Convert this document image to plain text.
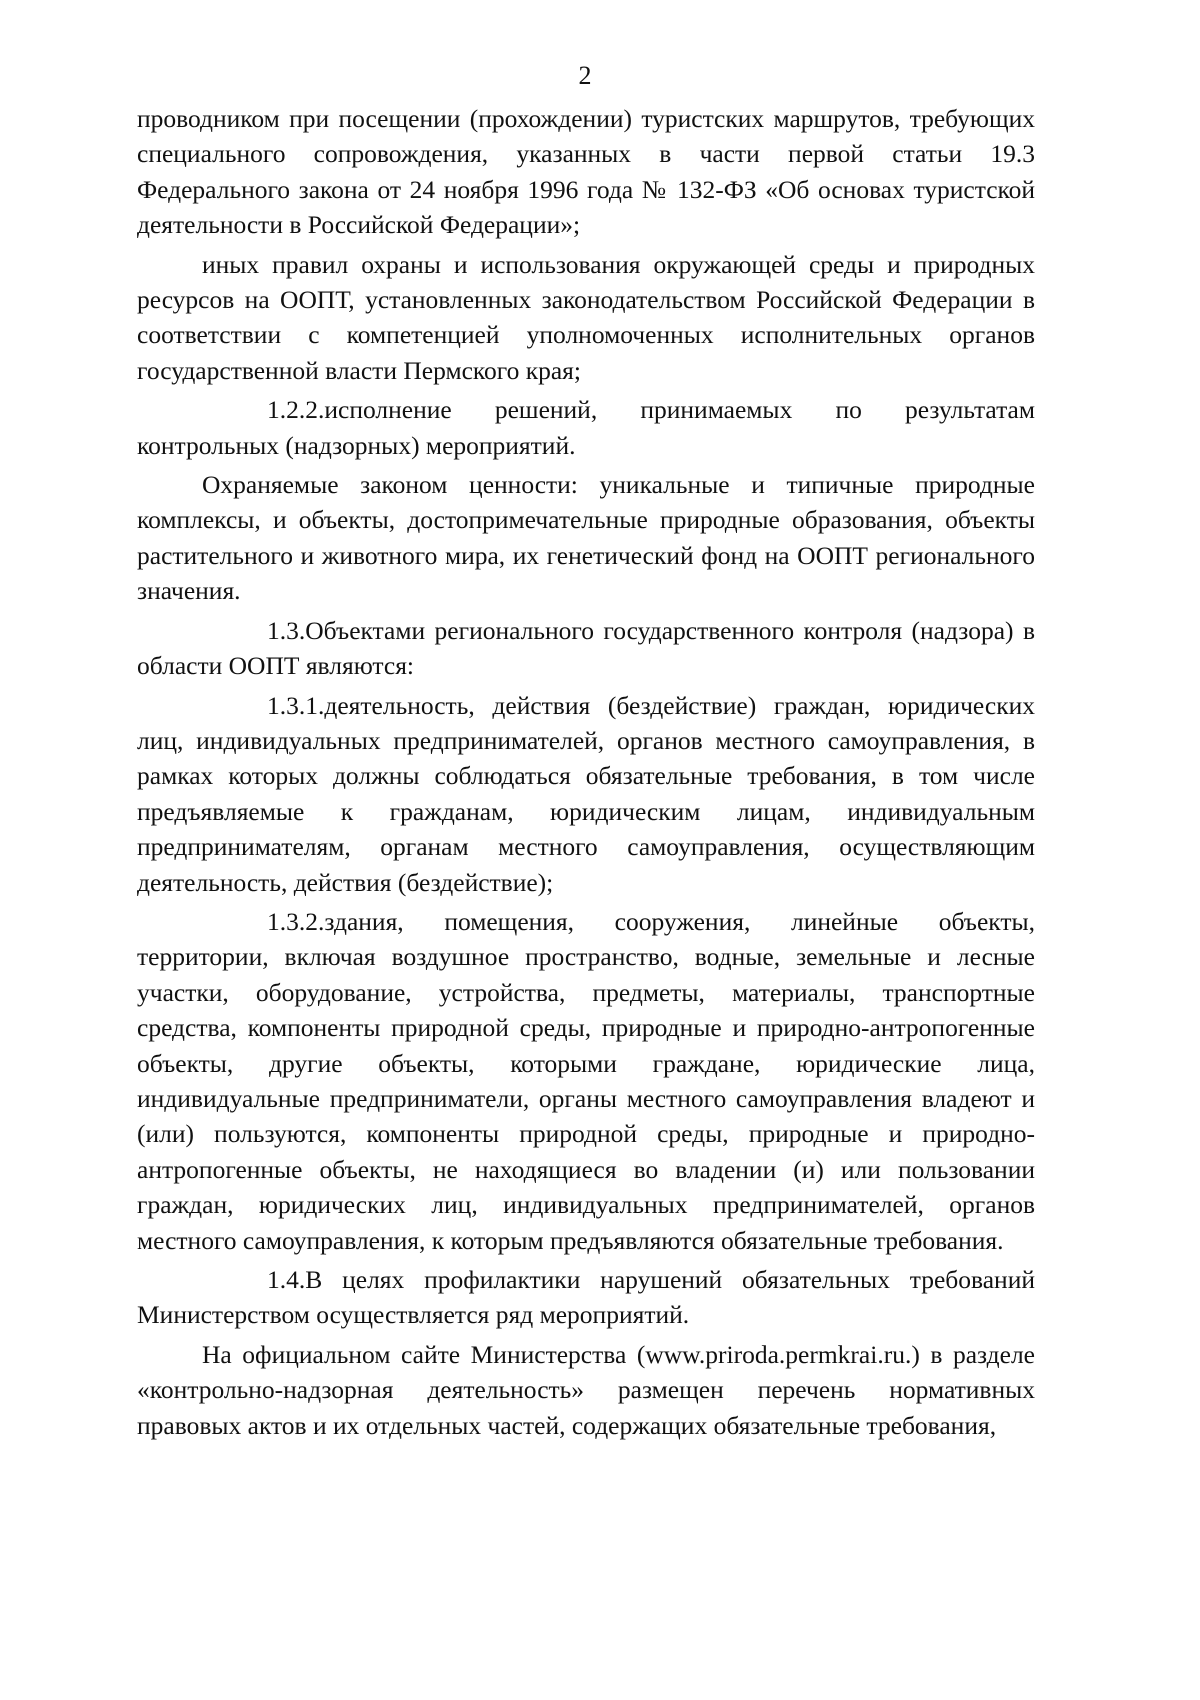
2

проводником при посещении (прохождении) туристских маршрутов, требующих специального сопровождения, указанных в части первой статьи 19.3 Федерального закона от 24 ноября 1996 года № 132-ФЗ «Об основах туристской деятельности в Российской Федерации»;

иных правил охраны и использования окружающей среды и природных ресурсов на ООПТ, установленных законодательством Российской Федерации в соответствии с компетенцией уполномоченных исполнительных органов государственной власти Пермского края;

1.2.2.исполнение решений, принимаемых по результатам контрольных (надзорных) мероприятий.

Охраняемые законом ценности: уникальные и типичные природные комплексы, и объекты, достопримечательные природные образования, объекты растительного и животного мира, их генетический фонд на ООПТ регионального значения.

1.3.Объектами регионального государственного контроля (надзора) в области ООПТ являются:

1.3.1.деятельность, действия (бездействие) граждан, юридических лиц, индивидуальных предпринимателей, органов местного самоуправления, в рамках которых должны соблюдаться обязательные требования, в том числе предъявляемые к гражданам, юридическим лицам, индивидуальным предпринимателям, органам местного самоуправления, осуществляющим деятельность, действия (бездействие);

1.3.2.здания, помещения, сооружения, линейные объекты, территории, включая воздушное пространство, водные, земельные и лесные участки, оборудование, устройства, предметы, материалы, транспортные средства, компоненты природной среды, природные и природно-антропогенные объекты, другие объекты, которыми граждане, юридические лица, индивидуальные предприниматели, органы местного самоуправления владеют и (или) пользуются, компоненты природной среды, природные и природно-антропогенные объекты, не находящиеся во владении (и) или пользовании граждан, юридических лиц, индивидуальных предпринимателей, органов местного самоуправления, к которым предъявляются обязательные требования.

1.4.В целях профилактики нарушений обязательных требований Министерством осуществляется ряд мероприятий.

На официальном сайте Министерства (www.priroda.permkrai.ru.) в разделе «контрольно-надзорная деятельность» размещен перечень нормативных правовых актов и их отдельных частей, содержащих обязательные требования,
